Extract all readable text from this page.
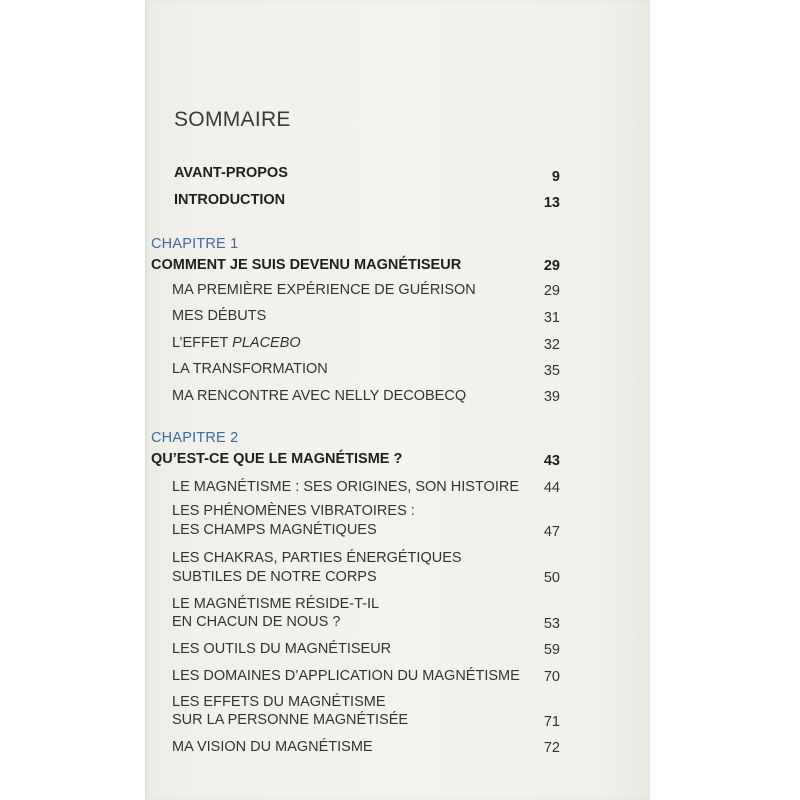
SOMMAIRE
AVANT-PROPOS	9
INTRODUCTION	13
CHAPITRE 1
COMMENT JE SUIS DEVENU MAGNÉTISEUR	29
MA PREMIÈRE EXPÉRIENCE DE GUÉRISON	29
MES DÉBUTS	31
L’EFFET PLACEBO	32
LA TRANSFORMATION	35
MA RENCONTRE AVEC NELLY DECOBECQ	39
CHAPITRE 2
QU’EST-CE QUE LE MAGNÉTISME ?	43
LE MAGNÉTISME : SES ORIGINES, SON HISTOIRE 44
LES PHÉNOMÈNES VIBRATOIRES :
LES CHAMPS MAGNÉTIQUES	47
LES CHAKRAS, PARTIES ÉNERGÉTIQUES
SUBTILES DE NOTRE CORPS	50
LE MAGNÉTISME RÉSIDE-T-IL
EN CHACUN DE NOUS ?	53
LES OUTILS DU MAGNÉTISEUR	59
LES DOMAINES D’APPLICATION DU MAGNÉTISME 70
LES EFFETS DU MAGNÉTISME
SUR LA PERSONNE MAGNÉTISÉE	71
MA VISION DU MAGNÉTISME	72
